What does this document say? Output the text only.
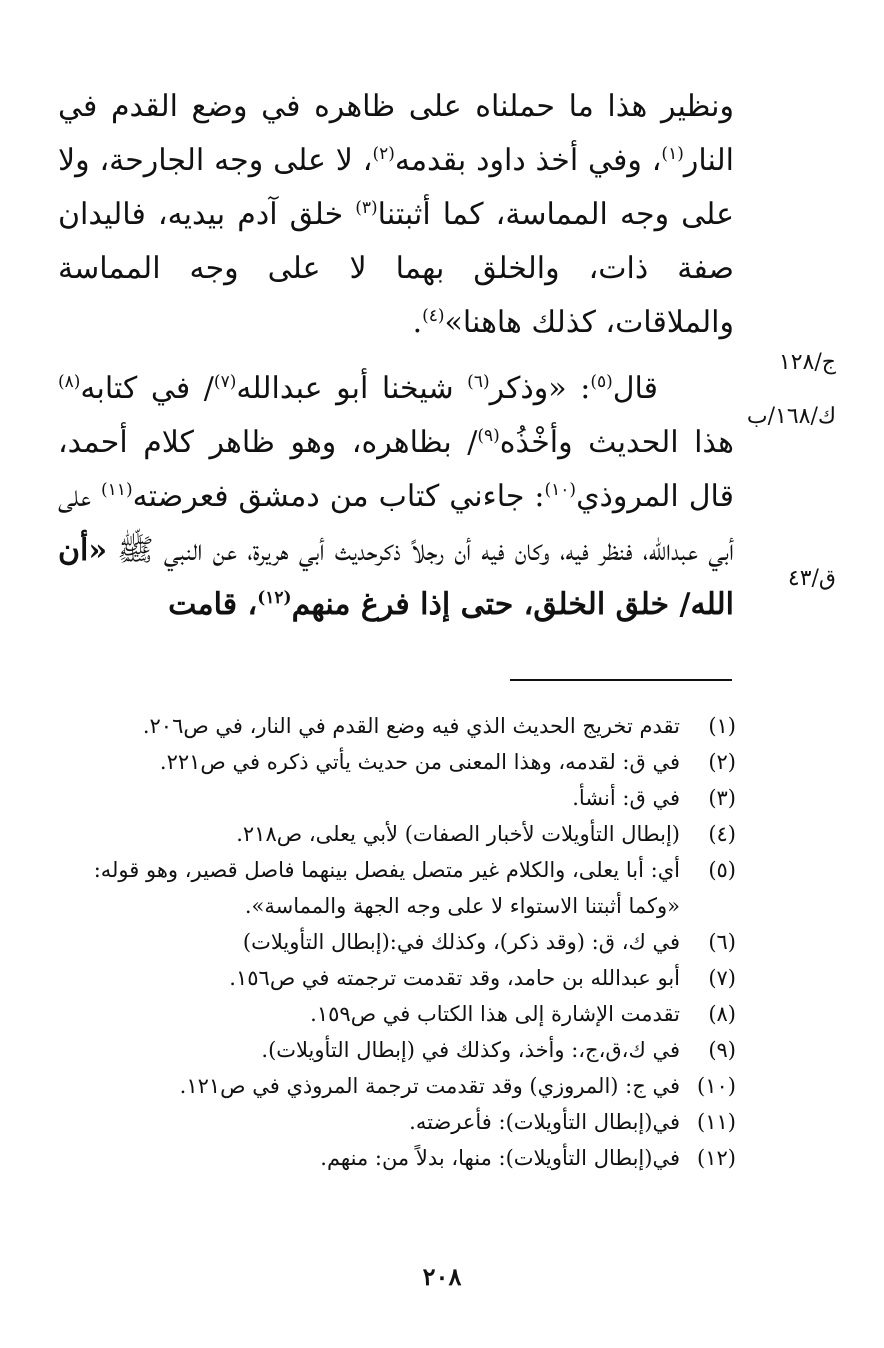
ونظير هذا ما حملناه على ظاهره في وضع القدم في النار$^{(١)}$، وفي أخذ داود بقدمه$^{(٢)}$، لا على وجه الجارحة، ولا على وجه المماسة، كما أثبتنا$^{(٣)}$ خلق آدم بيديه، فاليدان صفة ذات، والخلق بهما لا على وجه المماسة والملاقات، كذلك هاهنا»$^{(٤)}$.

قال$^{(٥)}$: «وذكر$^{(٦)}$ شيخنا أبو عبدالله$^{(٧)}$/ في كتابه$^{(٨)}$ هذا الحديث وأخْذُه$^{(٩)}$/ بظاهره، وهو ظاهر كلام أحمد، قال المروذي$^{(١٠)}$: جاءني كتاب من دمشق فعرضته$^{(١١)}$ على أبي عبدالله، فنظر فيه، وكان فيه أن رجلاً ذكرحديث أبي هريرة، عن النبي ﷺ «أن الله/ خلق الخلق، حتى إذا فرغ منهم$^{(١٢)}$، قامت

ج/١٢٨
ك/١٦٨/ب
ق/٤٣
(١)
تقدم تخريج الحديث الذي فيه وضع القدم في النار، في ص٢٠٦.
(٢)
في ق: لقدمه، وهذا المعنى من حديث يأتي ذكره في ص٢٢١.
(٣)
في ق: أنشأ.
(٤)
(إبطال التأويلات لأخبار الصفات) لأبي يعلى، ص٢١٨.
(٥)
أي: أبا يعلى، والكلام غير متصل يفصل بينهما فاصل قصير، وهو قوله:
«وكما أثبتنا الاستواء لا على وجه الجهة والمماسة».
(٦)
في ك، ق: (وقد ذكر)، وكذلك في:(إبطال التأويلات)
(٧)
أبو عبدالله بن حامد، وقد تقدمت ترجمته في ص١٥٦.
(٨)
تقدمت الإشارة إلى هذا الكتاب في ص١٥٩.
(٩)
في ك،ق،ج،: وأخذ، وكذلك في (إبطال التأويلات).
(١٠)
في ج: (المروزي) وقد تقدمت ترجمة المروذي في ص١٢١.
(١١)
في(إبطال التأويلات): فأعرضته.
(١٢)
في(إبطال التأويلات): منها، بدلاً من: منهم.
٢٠٨
